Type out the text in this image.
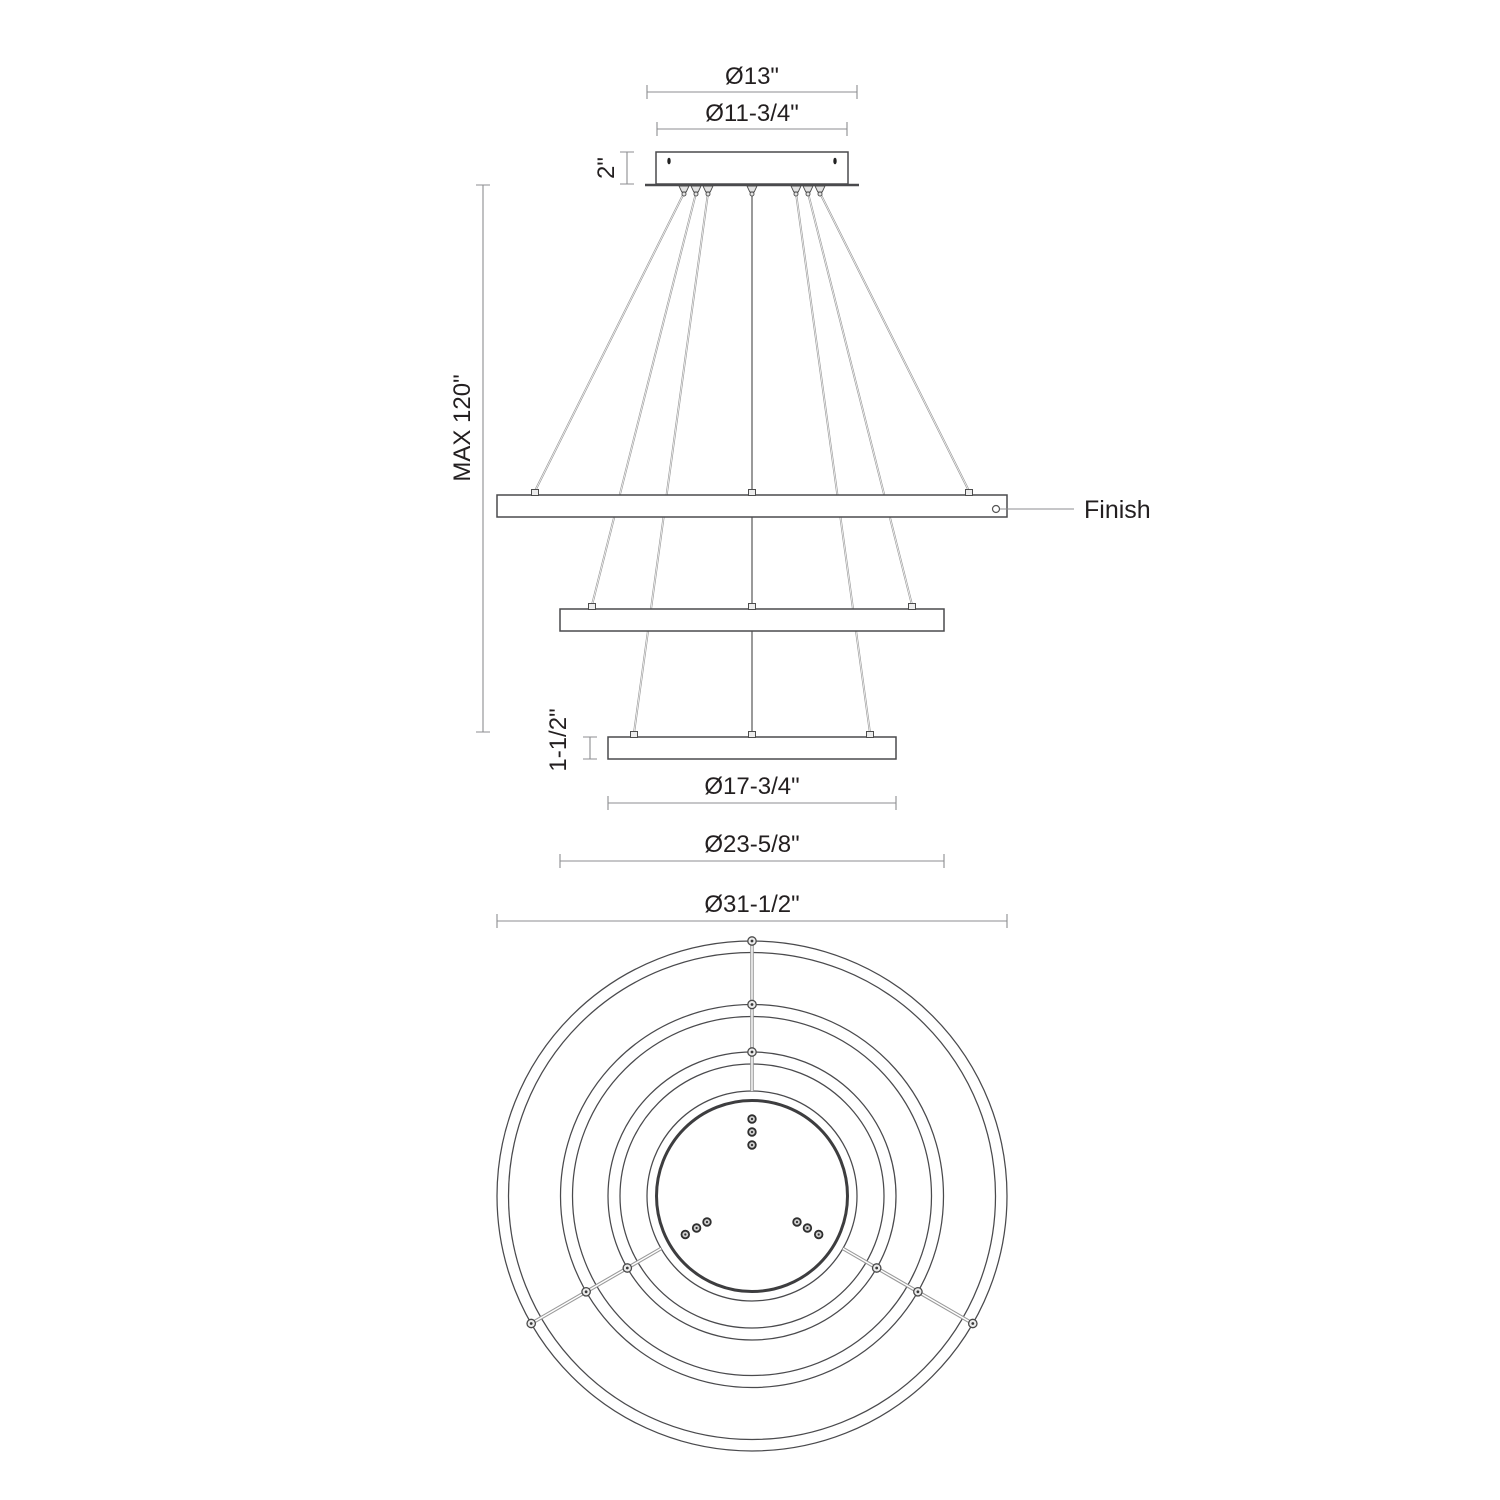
Finish
Ø13"
Ø11-3/4"
2"
MAX 120"
1-1/2"
Ø17-3/4"
Ø23-5/8"
Ø31-1/2"
